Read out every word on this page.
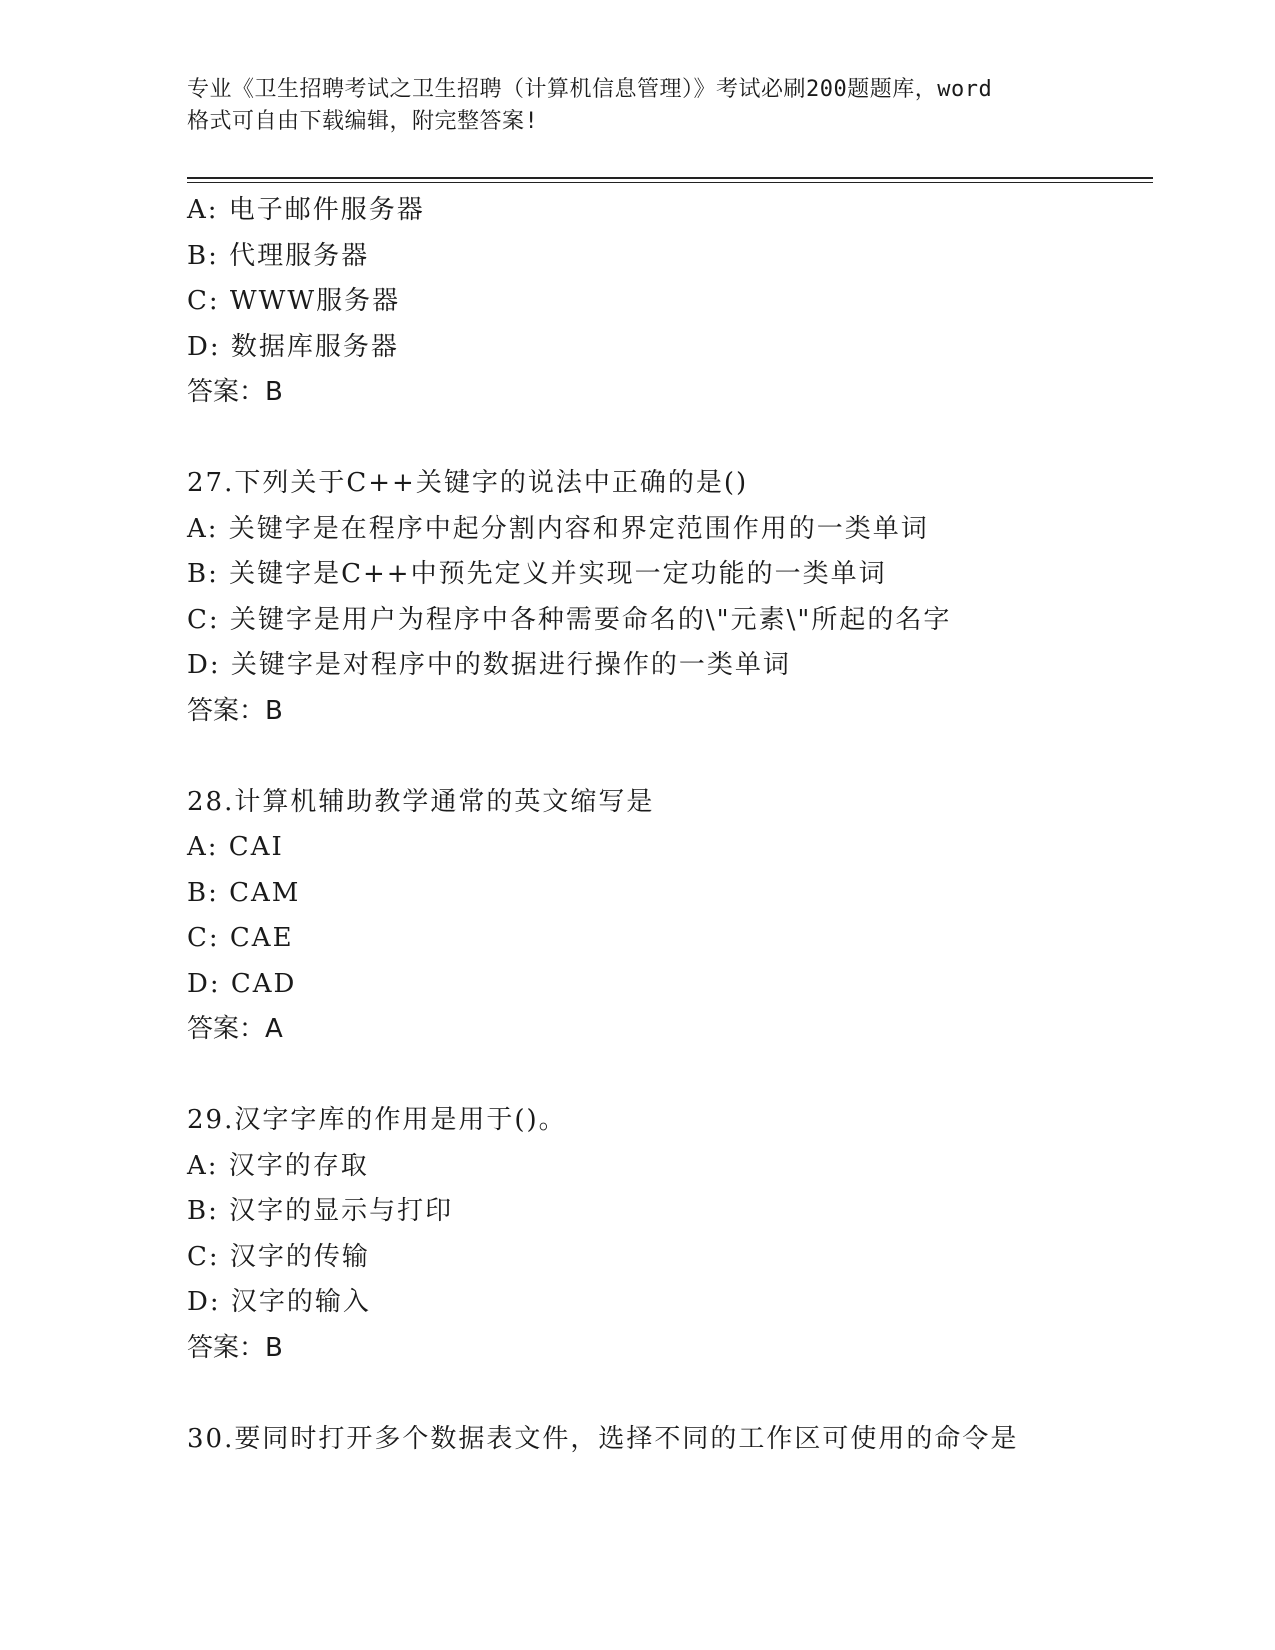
专业《卫生招聘考试之卫生招聘（计算机信息管理）》考试必刷200题题库，word
格式可自由下载编辑，附完整答案!
A: 电子邮件服务器
B: 代理服务器
C: WWW服务器
D: 数据库服务器
答案：B
27.下列关于C++关键字的说法中正确的是()
A: 关键字是在程序中起分割内容和界定范围作用的一类单词
B: 关键字是C++中预先定义并实现一定功能的一类单词
C: 关键字是用户为程序中各种需要命名的\"元素\"所起的名字
D: 关键字是对程序中的数据进行操作的一类单词
答案：B
28.计算机辅助教学通常的英文缩写是
A: CAI
B: CAM
C: CAE
D: CAD
答案：A
29.汉字字库的作用是用于()。
A: 汉字的存取
B: 汉字的显示与打印
C: 汉字的传输
D: 汉字的输入
答案：B
30.要同时打开多个数据表文件，选择不同的工作区可使用的命令是
